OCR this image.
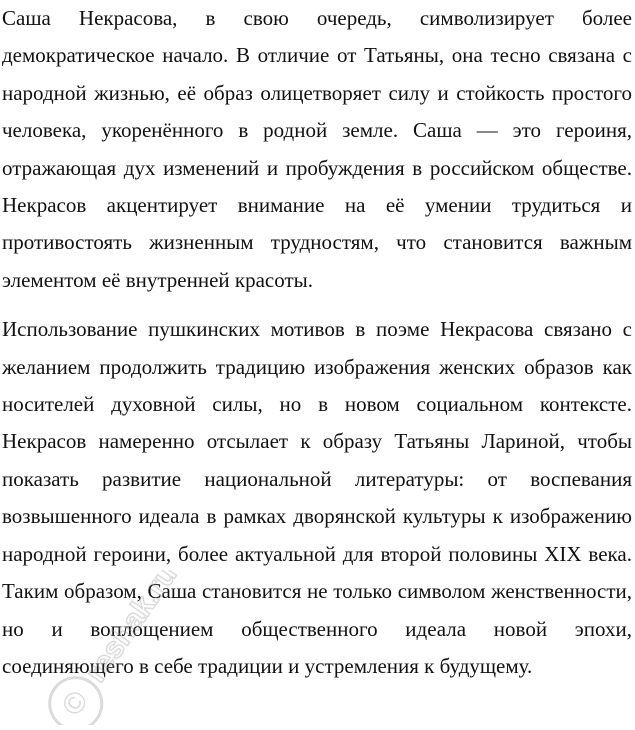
Саша Некрасова, в свою очередь, символизирует более демократическое начало. В отличие от Татьяны, она тесно связана с народной жизнью, её образ олицетворяет силу и стойкость простого человека, укоренённого в родной земле. Саша — это героиня, отражающая дух изменений и пробуждения в российском обществе. Некрасов акцентирует внимание на её умении трудиться и противостоять жизненным трудностям, что становится важным элементом её внутренней красоты.

Использование пушкинских мотивов в поэме Некрасова связано с желанием продолжить традицию изображения женских образов как носителей духовной силы, но в новом социальном контексте. Некрасов намеренно отсылает к образу Татьяны Лариной, чтобы показать развитие национальной литературы: от воспевания возвышенного идеала в рамках дворянской культуры к изображению народной героини, более актуальной для второй половины XIX века. Таким образом, Саша становится не только символом женственности, но и воплощением общественного идеала новой эпохи, соединяющего в себе традиции и устремления к будущему.

©
reshak.ru
